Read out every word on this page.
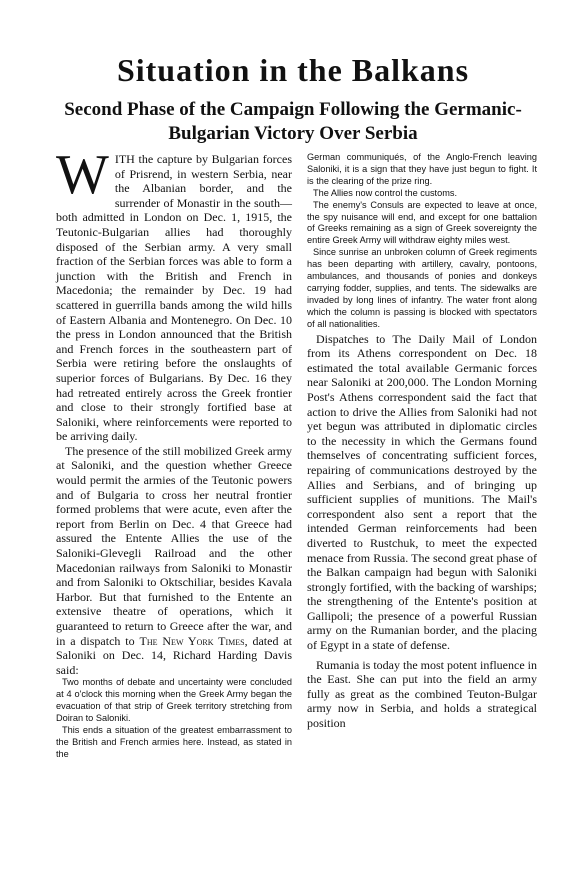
Situation in the Balkans
Second Phase of the Campaign Following the Germanic-Bulgarian Victory Over Serbia

WITH the capture by Bulgarian forces of Prisrend, in western Serbia, near the Albanian border, and the surrender of Monastir in the south—both admitted in London on Dec. 1, 1915, the Teutonic-Bulgarian allies had thoroughly disposed of the Serbian army. A very small fraction of the Serbian forces was able to form a junction with the British and French in Macedonia; the remainder by Dec. 19 had scattered in guerrilla bands among the wild hills of Eastern Albania and Montenegro. On Dec. 10 the press in London announced that the British and French forces in the southeastern part of Serbia were retiring before the onslaughts of superior forces of Bulgarians. By Dec. 16 they had retreated entirely across the Greek frontier and close to their strongly fortified base at Saloniki, where reinforcements were reported to be arriving daily.

The presence of the still mobilized Greek army at Saloniki, and the question whether Greece would permit the armies of the Teutonic powers and of Bulgaria to cross her neutral frontier formed problems that were acute, even after the report from Berlin on Dec. 4 that Greece had assured the Entente Allies the use of the Saloniki-Glevegli Railroad and the other Macedonian railways from Saloniki to Monastir and from Saloniki to Oktschiliar, besides Kavala Harbor. But that furnished to the Entente an extensive theatre of operations, which it guaranteed to return to Greece after the war, and in a dispatch to The New York Times, dated at Saloniki on Dec. 14, Richard Harding Davis said:

Two months of debate and uncertainty were concluded at 4 o'clock this morning when the Greek Army began the evacuation of that strip of Greek territory stretching from Doiran to Saloniki.

This ends a situation of the greatest embarrassment to the British and French armies here. Instead, as stated in the

German communiqués, of the Anglo-French leaving Saloniki, it is a sign that they have just begun to fight. It is the clearing of the prize ring.

The Allies now control the customs.

The enemy's Consuls are expected to leave at once, the spy nuisance will end, and except for one battalion of Greeks remaining as a sign of Greek sovereignty the entire Greek Army will withdraw eighty miles west.

Since sunrise an unbroken column of Greek regiments has been departing with artillery, cavalry, pontoons, ambulances, and thousands of ponies and donkeys carrying fodder, supplies, and tents. The sidewalks are invaded by long lines of infantry. The water front along which the column is passing is blocked with spectators of all nationalities.

Dispatches to The Daily Mail of London from its Athens correspondent on Dec. 18 estimated the total available Germanic forces near Saloniki at 200,000. The London Morning Post's Athens correspondent said the fact that action to drive the Allies from Saloniki had not yet begun was attributed in diplomatic circles to the necessity in which the Germans found themselves of concentrating sufficient forces, repairing of communications destroyed by the Allies and Serbians, and of bringing up sufficient supplies of munitions. The Mail's correspondent also sent a report that the intended German reinforcements had been diverted to Rustchuk, to meet the expected menace from Russia. The second great phase of the Balkan campaign had begun with Saloniki strongly fortified, with the backing of warships; the strengthening of the Entente's position at Gallipoli; the presence of a powerful Russian army on the Rumanian border, and the placing of Egypt in a state of defense.

Rumania is today the most potent influence in the East. She can put into the field an army fully as great as the combined Teuton-Bulgar army now in Serbia, and holds a strategical position
